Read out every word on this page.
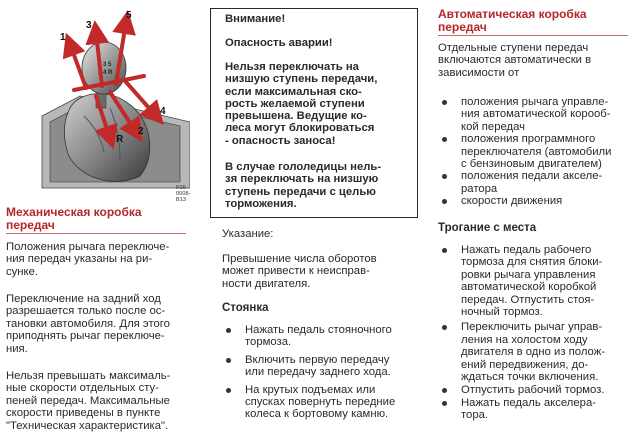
1 3 5
2 4 R
1
3
5
4
2
R
P26-0008-B13
Механическая коробка
передач
Положения рычага переключе-
ния передач указаны на ри-
сунке.
Переключение на задний ход
разрешается только после ос-
тановки автомобиля. Для этого
приподнять рычаг переключе-
ния.
Нельзя превышать максималь-
ные скорости отдельных сту-
пеней передач. Максимальные
скорости приведены в пункте
"Техническая характеристика".
Внимание!
Опасность аварии!
Нельзя переключать на
низшую ступень передачи,
если максимальная ско-
рость желаемой ступени
превышена. Ведущие ко-
леса могут блокироваться
- опасность заноса!
В случае гололедицы нель-
зя переключать на низшую
ступень передачи с целью
торможения.
Указание:
Превышение числа оборотов
может привести к неисправ-
ности двигателя.
Стоянка
Нажать педаль стояночного
тормоза.
Включить первую передачу
или передачу заднего хода.
На крутых подъемах или
спусках повернуть передние
колеса к бортовому камню.
Автоматическая коробка
передач
Отдельные ступени передач
включаются автоматически в
зависимости от
положения рычага управле-
ния автоматической корооб-
кой передач
положения программного
переключателя (автомобили
с бензиновым двигателем)
положения педали акселе-
ратора
скорости движения
Трогание с места
Нажать педаль рабочего
тормоза для снятия блоки-
ровки рычага управления
автоматической коробкой
передач. Отпустить стоя-
ночный тормоз.
Переключить рычаг управ-
ления на холостом ходу
двигателя в одно из полож-
ений передвижения, до-
ждаться точки включения.
Отпустить рабочий тормоз.
Нажать педаль акселера-
тора.
